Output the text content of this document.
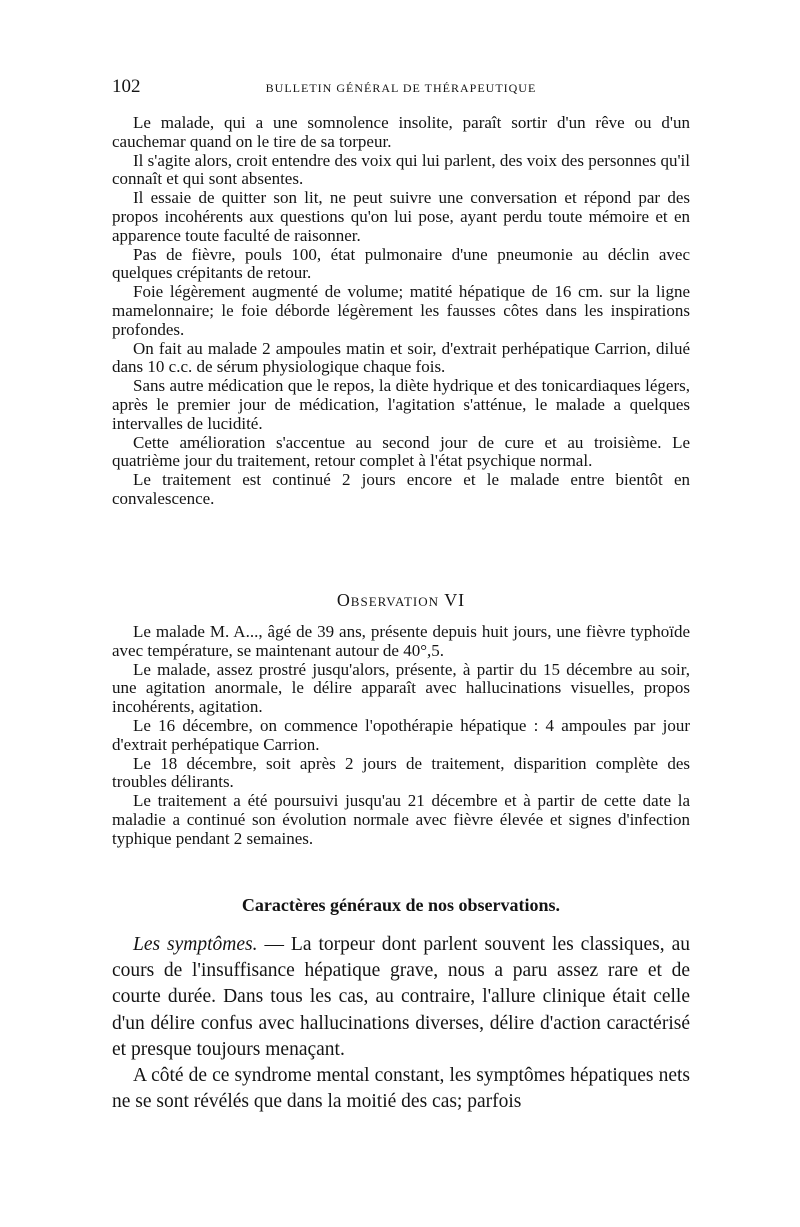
102	BULLETIN GÉNÉRAL DE THÉRAPEUTIQUE

Le malade, qui a une somnolence insolite, paraît sortir d'un rêve ou d'un cauchemar quand on le tire de sa torpeur.

Il s'agite alors, croit entendre des voix qui lui parlent, des voix des personnes qu'il connaît et qui sont absentes.

Il essaie de quitter son lit, ne peut suivre une conversation et répond par des propos incohérents aux questions qu'on lui pose, ayant perdu toute mémoire et en apparence toute faculté de raisonner.

Pas de fièvre, pouls 100, état pulmonaire d'une pneumonie au déclin avec quelques crépitants de retour.

Foie légèrement augmenté de volume; matité hépatique de 16 cm. sur la ligne mamelonnaire; le foie déborde légèrement les fausses côtes dans les inspirations profondes.

On fait au malade 2 ampoules matin et soir, d'extrait perhépatique Carrion, dilué dans 10 c.c. de sérum physiologique chaque fois.

Sans autre médication que le repos, la diète hydrique et des tonicardiaques légers, après le premier jour de médication, l'agitation s'atténue, le malade a quelques intervalles de lucidité.

Cette amélioration s'accentue au second jour de cure et au troisième. Le quatrième jour du traitement, retour complet à l'état psychique normal.

Le traitement est continué 2 jours encore et le malade entre bientôt en convalescence.

Observation VI

Le malade M. A..., âgé de 39 ans, présente depuis huit jours, une fièvre typhoïde avec température, se maintenant autour de 40°,5.

Le malade, assez prostré jusqu'alors, présente, à partir du 15 décembre au soir, une agitation anormale, le délire apparaît avec hallucinations visuelles, propos incohérents, agitation.

Le 16 décembre, on commence l'opothérapie hépatique : 4 ampoules par jour d'extrait perhépatique Carrion.

Le 18 décembre, soit après 2 jours de traitement, disparition complète des troubles délirants.

Le traitement a été poursuivi jusqu'au 21 décembre et à partir de cette date la maladie a continué son évolution normale avec fièvre élevée et signes d'infection typhique pendant 2 semaines.

Caractères généraux de nos observations.

Les symptômes. — La torpeur dont parlent souvent les classiques, au cours de l'insuffisance hépatique grave, nous a paru assez rare et de courte durée. Dans tous les cas, au contraire, l'allure clinique était celle d'un délire confus avec hallucinations diverses, délire d'action caractérisé et presque toujours menaçant.

A côté de ce syndrome mental constant, les symptômes hépatiques nets ne se sont révélés que dans la moitié des cas; parfois
